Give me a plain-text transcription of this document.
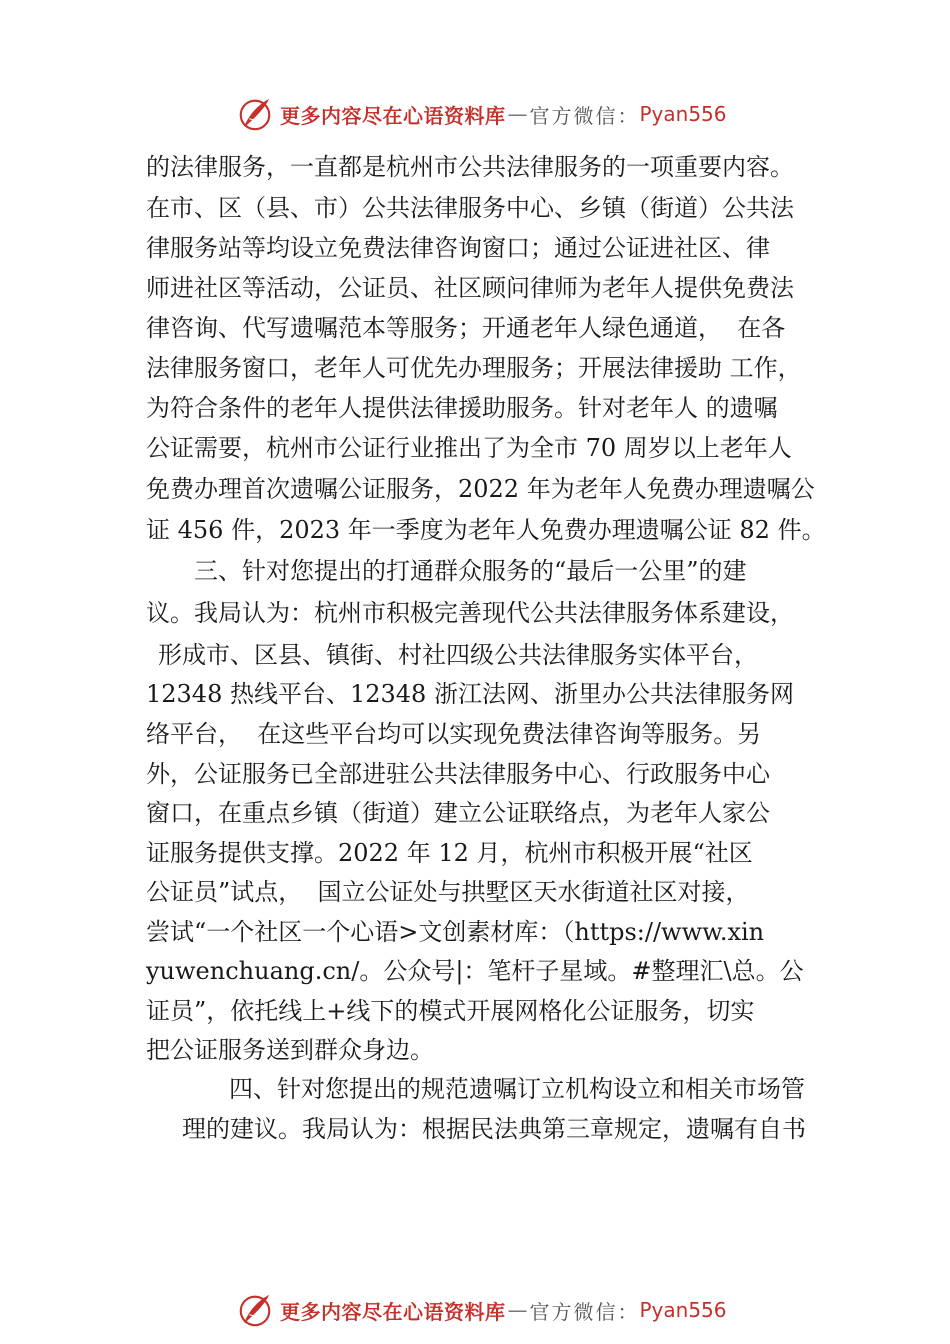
更多内容尽在心语资料库 — 官方微信： Pyan556
的法律服务，一直都是杭州市公共法律服务的一项重要内容。
在市、区（县、市）公共法律服务中心、乡镇（街道）公共法
律服务站等均设立免费法律咨询窗口；通过公证进社区、律
师进社区等活动，公证员、社区顾问律师为老年人提供免费法
律咨询、代写遗嘱范本等服务；开通老年人绿色通道，  在各
法律服务窗口，老年人可优先办理服务；开展法律援助 工作，
为符合条件的老年人提供法律援助服务。针对老年人 的遗嘱
公证需要，杭州市公证行业推出了为全市 70 周岁以上老年人
免费办理首次遗嘱公证服务，2022 年为老年人免费办理遗嘱公
证 456 件，2023 年一季度为老年人免费办理遗嘱公证 82 件。
三、针对您提出的打通群众服务的“最后一公里”的建
议。我局认为：杭州市积极完善现代公共法律服务体系建设，
形成市、区县、镇街、村社四级公共法律服务实体平台，
12348 热线平台、12348 浙江法网、浙里办公共法律服务网
络平台，  在这些平台均可以实现免费法律咨询等服务。另
外，公证服务已全部进驻公共法律服务中心、行政服务中心
窗口，在重点乡镇（街道）建立公证联络点，为老年人家公
证服务提供支撑。2022 年 12 月，杭州市积极开展“社区
公证员”试点，  国立公证处与拱墅区天水街道社区对接，
尝试“一个社区一个心语>文创素材库：（https://www.xin
yuwenchuang.cn/。公众号|：笔杆子星域。#整理汇\总。公
证员”，依托线上+线下的模式开展网格化公证服务，切实
把公证服务送到群众身边。
四、针对您提出的规范遗嘱订立机构设立和相关市场管
理的建议。我局认为：根据民法典第三章规定，遗嘱有自书
更多内容尽在心语资料库 — 官方微信： Pyan556
